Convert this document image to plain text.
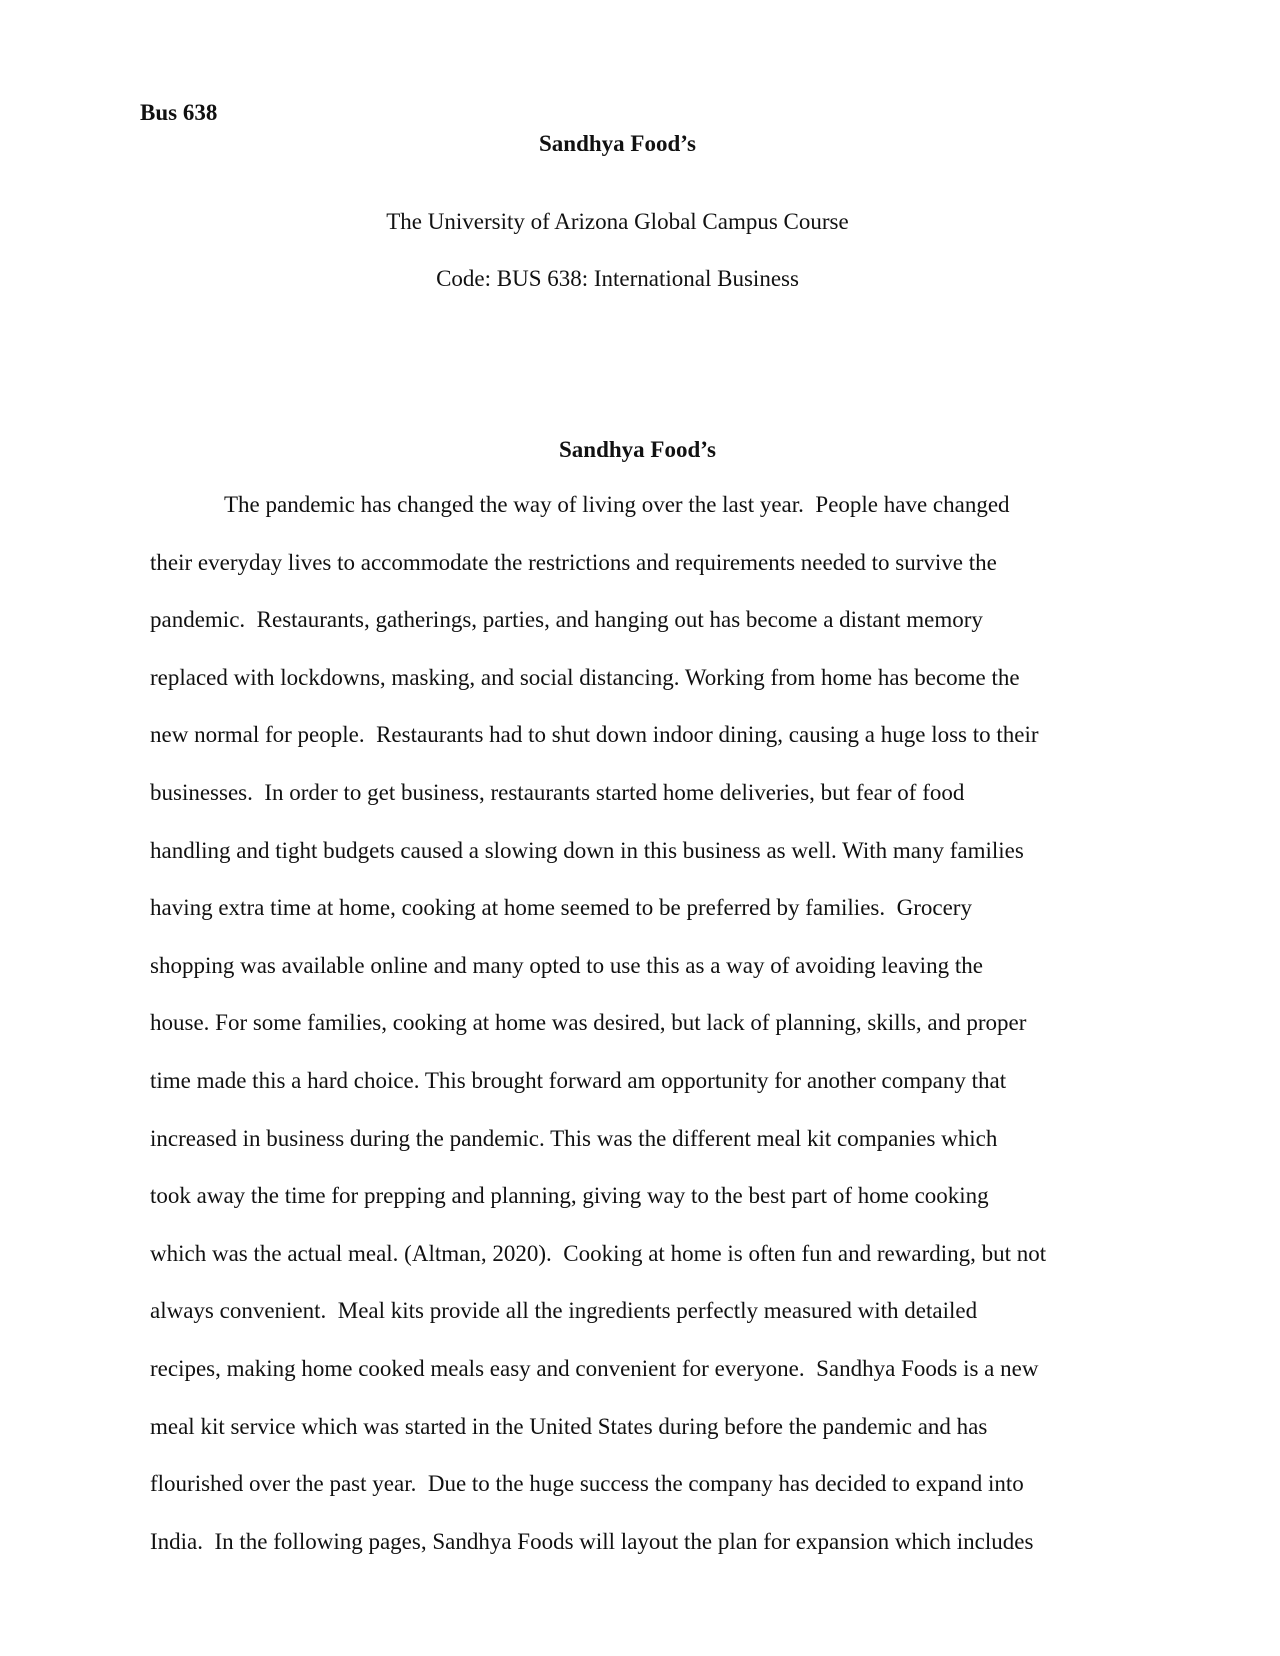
Bus 638
Sandhya Food’s
The University of Arizona Global Campus Course
Code: BUS 638: International Business
Sandhya Food’s
The pandemic has changed the way of living over the last year.  People have changed
their everyday lives to accommodate the restrictions and requirements needed to survive the
pandemic.  Restaurants, gatherings, parties, and hanging out has become a distant memory
replaced with lockdowns, masking, and social distancing. Working from home has become the
new normal for people.  Restaurants had to shut down indoor dining, causing a huge loss to their
businesses.  In order to get business, restaurants started home deliveries, but fear of food
handling and tight budgets caused a slowing down in this business as well. With many families
having extra time at home, cooking at home seemed to be preferred by families.  Grocery
shopping was available online and many opted to use this as a way of avoiding leaving the
house. For some families, cooking at home was desired, but lack of planning, skills, and proper
time made this a hard choice. This brought forward am opportunity for another company that
increased in business during the pandemic. This was the different meal kit companies which
took away the time for prepping and planning, giving way to the best part of home cooking
which was the actual meal. (Altman, 2020).  Cooking at home is often fun and rewarding, but not
always convenient.  Meal kits provide all the ingredients perfectly measured with detailed
recipes, making home cooked meals easy and convenient for everyone.  Sandhya Foods is a new
meal kit service which was started in the United States during before the pandemic and has
flourished over the past year.  Due to the huge success the company has decided to expand into
India.  In the following pages, Sandhya Foods will layout the plan for expansion which includes
